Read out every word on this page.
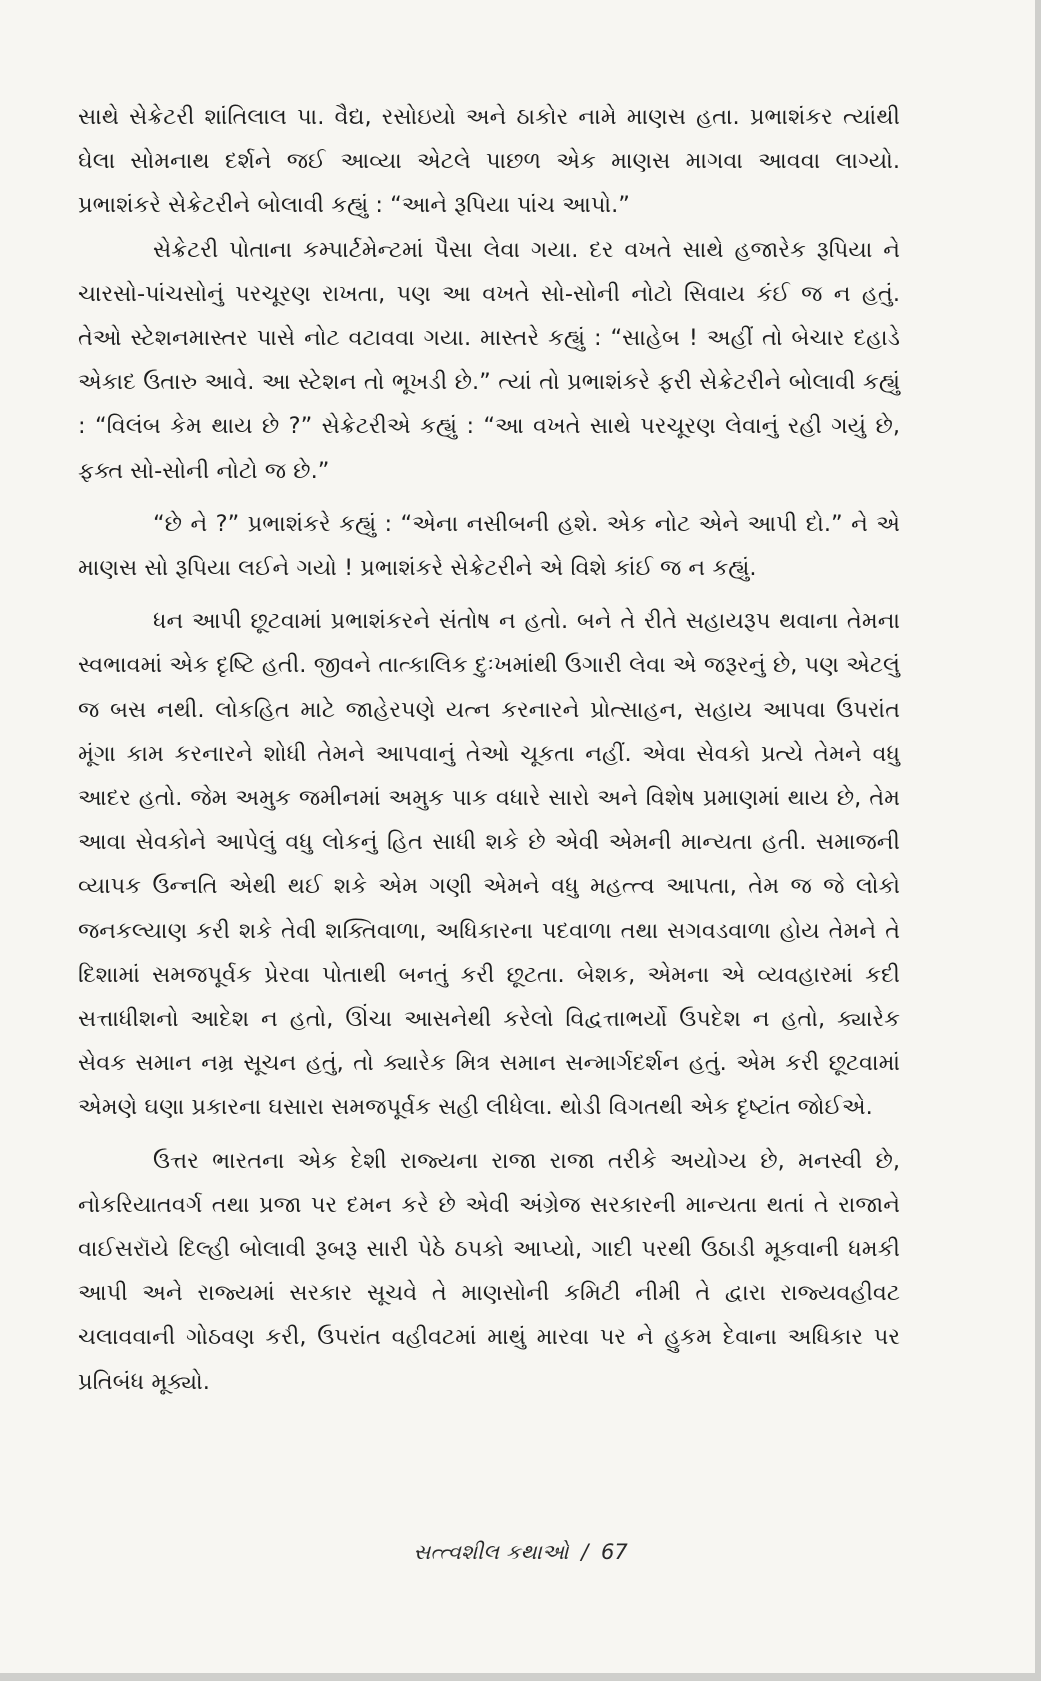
સાથે સેક્રેટરી શાંતિલાલ પા. વૈદ્ય, રસોઇયો અને ઠાકોર નામે માણસ હતા. પ્રભાશંકર ત્યાંથી ઘેલા સોમનાથ દર્શને જઈ આવ્યા એટલે પાછળ એક માણસ માગવા આવવા લાગ્યો. પ્રભાશંકરે સેક્રેટરીને બોલાવી કહ્યું : “આને રૂપિયા પાંચ આપો.”

સેક્રેટરી પોતાના કમ્પાર્ટમેન્ટમાં પૈસા લેવા ગયા. દર વખતે સાથે હજારેક રૂપિયા ને ચારસો-પાંચસોનું પરચૂરણ રાખતા, પણ આ વખતે સો-સોની નોટો સિવાય કંઈ જ ન હતું. તેઓ સ્ટેશનમાસ્તર પાસે નોટ વટાવવા ગયા. માસ્તરે કહ્યું : “સાહેબ ! અહીં તો બેચાર દહાડે એકાદ ઉતારુ આવે. આ સ્ટેશન તો ભૂખડી છે.” ત્યાં તો પ્રભાશંકરે ફરી સેક્રેટરીને બોલાવી કહ્યું : “વિલંબ કેમ થાય છે ?” સેક્રેટરીએ કહ્યું : “આ વખતે સાથે પરચૂરણ લેવાનું રહી ગયું છે, ફક્ત સો-સોની નોટો જ છે.”

“છે ને ?” પ્રભાશંકરે કહ્યું : “એના નસીબની હશે. એક નોટ એને આપી દો.” ને એ માણસ સો રૂપિયા લઈને ગયો ! પ્રભાશંકરે સેક્રેટરીને એ વિશે કાંઈ જ ન કહ્યું.

ધન આપી છૂટવામાં પ્રભાશંકરને સંતોષ ન હતો. બને તે રીતે સહાયરૂપ થવાના તેમના સ્વભાવમાં એક દૃષ્ટિ હતી. જીવને તાત્કાલિક દુઃખમાંથી ઉગારી લેવા એ જરૂરનું છે, પણ એટલું જ બસ નથી. લોકહિત માટે જાહેરપણે યત્ન કરનારને પ્રોત્સાહન, સહાય આપવા ઉપરાંત મૂંગા કામ કરનારને શોધી તેમને આપવાનું તેઓ ચૂકતા નહીં. એવા સેવકો પ્રત્યે તેમને વધુ આદર હતો. જેમ અમુક જમીનમાં અમુક પાક વધારે સારો અને વિશેષ પ્રમાણમાં થાય છે, તેમ આવા સેવકોને આપેલું વધુ લોકનું હિત સાધી શકે છે એવી એમની માન્યતા હતી. સમાજની વ્યાપક ઉન્નતિ એથી થઈ શકે એમ ગણી એમને વધુ મહત્ત્વ આપતા, તેમ જ જે લોકો જનકલ્યાણ કરી શકે તેવી શક્તિવાળા, અધિકારના પદવાળા તથા સગવડવાળા હોય તેમને તે દિશામાં સમજપૂર્વક પ્રેરવા પોતાથી બનતું કરી છૂટતા. બેશક, એમના એ વ્યવહારમાં કદી સત્તાધીશનો આદેશ ન હતો, ઊંચા આસનેથી કરેલો વિદ્વત્તાભર્યો ઉપદેશ ન હતો, ક્યારેક સેવક સમાન નમ્ર સૂચન હતું, તો ક્યારેક મિત્ર સમાન સન્માર્ગદર્શન હતું. એમ કરી છૂટવામાં એમણે ઘણા પ્રકારના ઘસારા સમજપૂર્વક સહી લીધેલા. થોડી વિગતથી એક દૃષ્ટાંત જોઈએ.

ઉત્તર ભારતના એક દેશી રાજ્યના રાજા રાજા તરીકે અયોગ્ય છે, મનસ્વી છે, નોકરિયાતવર્ગ તથા પ્રજા પર દમન કરે છે એવી અંગ્રેજ સરકારની માન્યતા થતાં તે રાજાને વાઈસરૉયે દિલ્હી બોલાવી રૂબરૂ સારી પેઠે ઠપકો આપ્યો, ગાદી પરથી ઉઠાડી મૂકવાની ધમકી આપી અને રાજ્યમાં સરકાર સૂચવે તે માણસોની કમિટી નીમી તે દ્વારા રાજ્યવહીવટ ચલાવવાની ગોઠવણ કરી, ઉપરાંત વહીવટમાં માથું મારવા પર ને હુકમ દેવાના અધિકાર પર પ્રતિબંધ મૂક્યો.

સત્ત્વશીલ કથાઓ / 67
